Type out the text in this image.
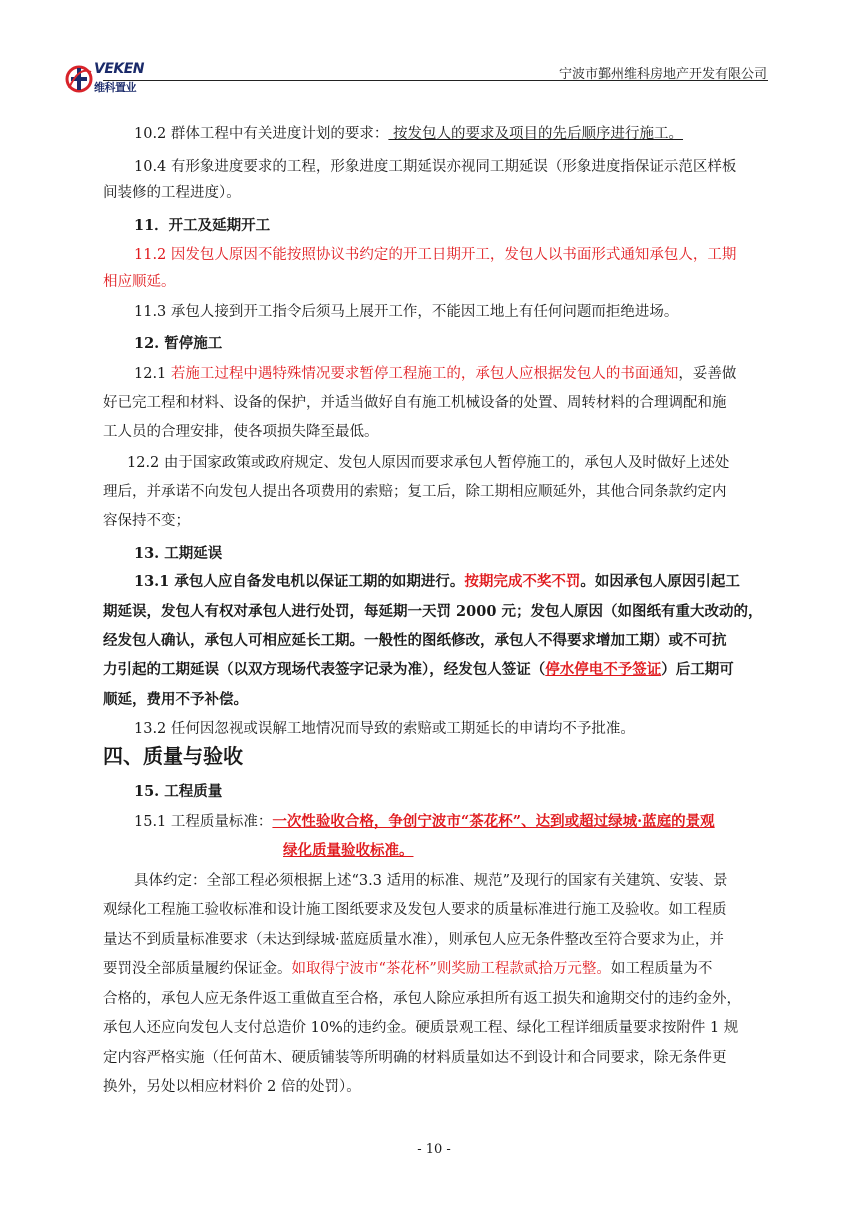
VEKEN
维科置业
宁波市鄞州维科房地产开发有限公司
10.2 群体工程中有关进度计划的要求： 按发包人的要求及项目的先后顺序进行施工。
10.4 有形象进度要求的工程，形象进度工期延误亦视同工期延误（形象进度指保证示范区样板
间装修的工程进度）。
11．开工及延期开工
11.2 因发包人原因不能按照协议书约定的开工日期开工，发包人以书面形式通知承包人，工期
相应顺延。
11.3 承包人接到开工指令后须马上展开工作，不能因工地上有任何问题而拒绝进场。
12. 暂停施工
12.1 若施工过程中遇特殊情况要求暂停工程施工的，承包人应根据发包人的书面通知，妥善做
好已完工程和材料、设备的保护，并适当做好自有施工机械设备的处置、周转材料的合理调配和施
工人员的合理安排，使各项损失降至最低。
12.2 由于国家政策或政府规定、发包人原因而要求承包人暂停施工的，承包人及时做好上述处
理后，并承诺不向发包人提出各项费用的索赔；复工后，除工期相应顺延外，其他合同条款约定内
容保持不变；
13. 工期延误
13.1 承包人应自备发电机以保证工期的如期进行。按期完成不奖不罚。如因承包人原因引起工
期延误，发包人有权对承包人进行处罚，每延期一天罚 2000 元；发包人原因（如图纸有重大改动的，
经发包人确认，承包人可相应延长工期。一般性的图纸修改，承包人不得要求增加工期）或不可抗
力引起的工期延误（以双方现场代表签字记录为准），经发包人签证（停水停电不予签证）后工期可
顺延，费用不予补偿。
13.2 任何因忽视或误解工地情况而导致的索赔或工期延长的申请均不予批准。
四、质量与验收
15. 工程质量
15.1 工程质量标准：一次性验收合格，争创宁波市“茶花杯”、达到或超过绿城·蓝庭的景观
绿化质量验收标准。
具体约定：全部工程必须根据上述“3.3 适用的标准、规范”及现行的国家有关建筑、安装、景
观绿化工程施工验收标准和设计施工图纸要求及发包人要求的质量标准进行施工及验收。如工程质
量达不到质量标准要求（未达到绿城·蓝庭质量水准），则承包人应无条件整改至符合要求为止，并
要罚没全部质量履约保证金。如取得宁波市“茶花杯”则奖励工程款贰拾万元整。如工程质量为不
合格的，承包人应无条件返工重做直至合格，承包人除应承担所有返工损失和逾期交付的违约金外，
承包人还应向发包人支付总造价 10%的违约金。硬质景观工程、绿化工程详细质量要求按附件 1 规
定内容严格实施（任何苗木、硬质铺装等所明确的材料质量如达不到设计和合同要求，除无条件更
换外，另处以相应材料价 2 倍的处罚）。
- 10 -
